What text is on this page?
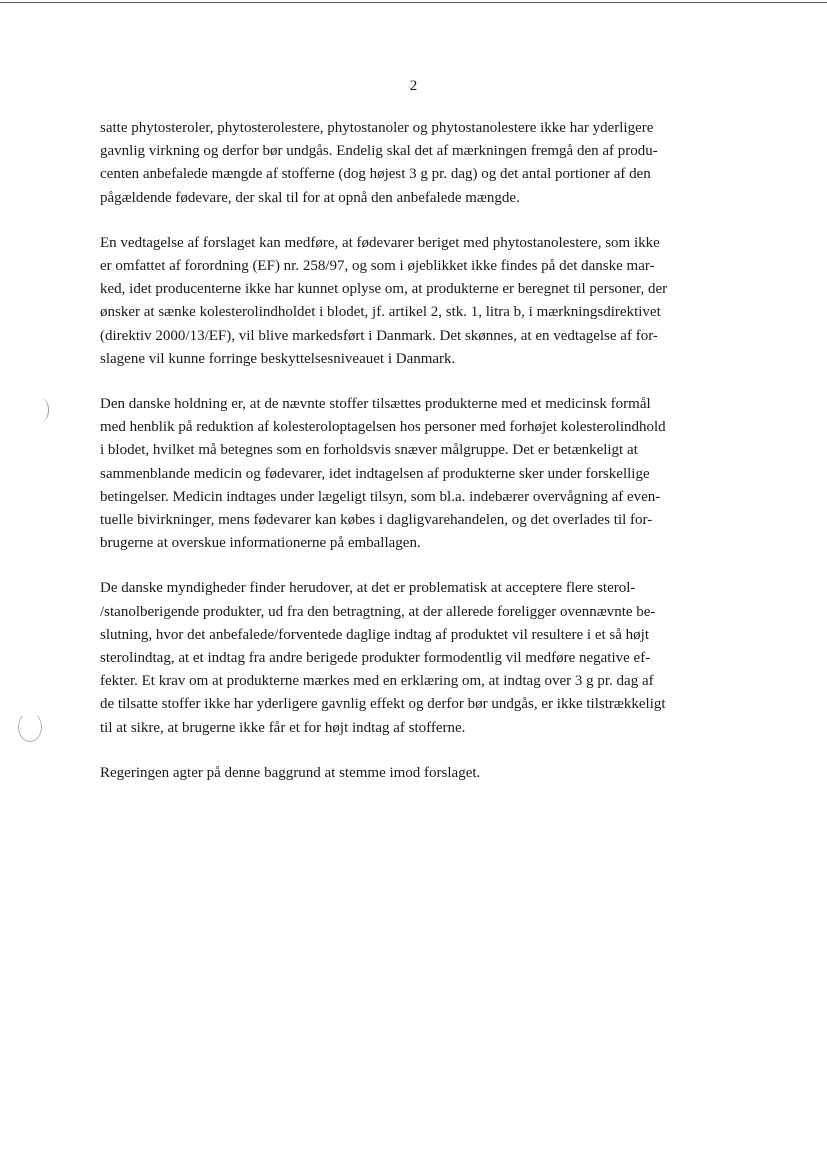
2

satte phytosteroler, phytosterolestere, phytostanoler og phytostanolestere ikke har yderligere
gavnlig virkning og derfor bør undgås. Endelig skal det af mærkningen fremgå den af produ-
centen anbefalede mængde af stofferne (dog højest 3 g pr. dag) og det antal portioner af den
pågældende fødevare, der skal til for at opnå den anbefalede mængde.

En vedtagelse af forslaget kan medføre, at fødevarer beriget med phytostanolestere, som ikke
er omfattet af forordning (EF) nr. 258/97, og som i øjeblikket ikke findes på det danske mar-
ked, idet producenterne ikke har kunnet oplyse om, at produkterne er beregnet til personer, der
ønsker at sænke kolesterolindholdet i blodet, jf. artikel 2, stk. 1, litra b, i mærkningsdirektivet
(direktiv 2000/13/EF), vil blive markedsført i Danmark. Det skønnes, at en vedtagelse af for-
slagene vil kunne forringe beskyttelsesniveauet i Danmark.

Den danske holdning er, at de nævnte stoffer tilsættes produkterne med et medicinsk formål
med henblik på reduktion af kolesteroloptagelsen hos personer med forhøjet kolesterolindhold
i blodet, hvilket må betegnes som en forholdsvis snæver målgruppe. Det er betænkeligt at
sammenblande medicin og fødevarer, idet indtagelsen af produkterne sker under forskellige
betingelser. Medicin indtages under lægeligt tilsyn, som bl.a. indebærer overvågning af even-
tuelle bivirkninger, mens fødevarer kan købes i dagligvarehandelen, og det overlades til for-
brugerne at overskue informationerne på emballagen.

De danske myndigheder finder herudover, at det er problematisk at acceptere flere sterol-
/stanolberigende produkter, ud fra den betragtning, at der allerede foreligger ovennævnte be-
slutning, hvor det anbefalede/forventede daglige indtag af produktet vil resultere i et så højt
sterolindtag, at et indtag fra andre berigede produkter formodentlig vil medføre negative ef-
fekter. Et krav om at produkterne mærkes med en erklæring om, at indtag over 3 g pr. dag af
de tilsatte stoffer ikke har yderligere gavnlig effekt og derfor bør undgås, er ikke tilstrækkeligt
til at sikre, at brugerne ikke får et for højt indtag af stofferne.

Regeringen agter på denne baggrund at stemme imod forslaget.
